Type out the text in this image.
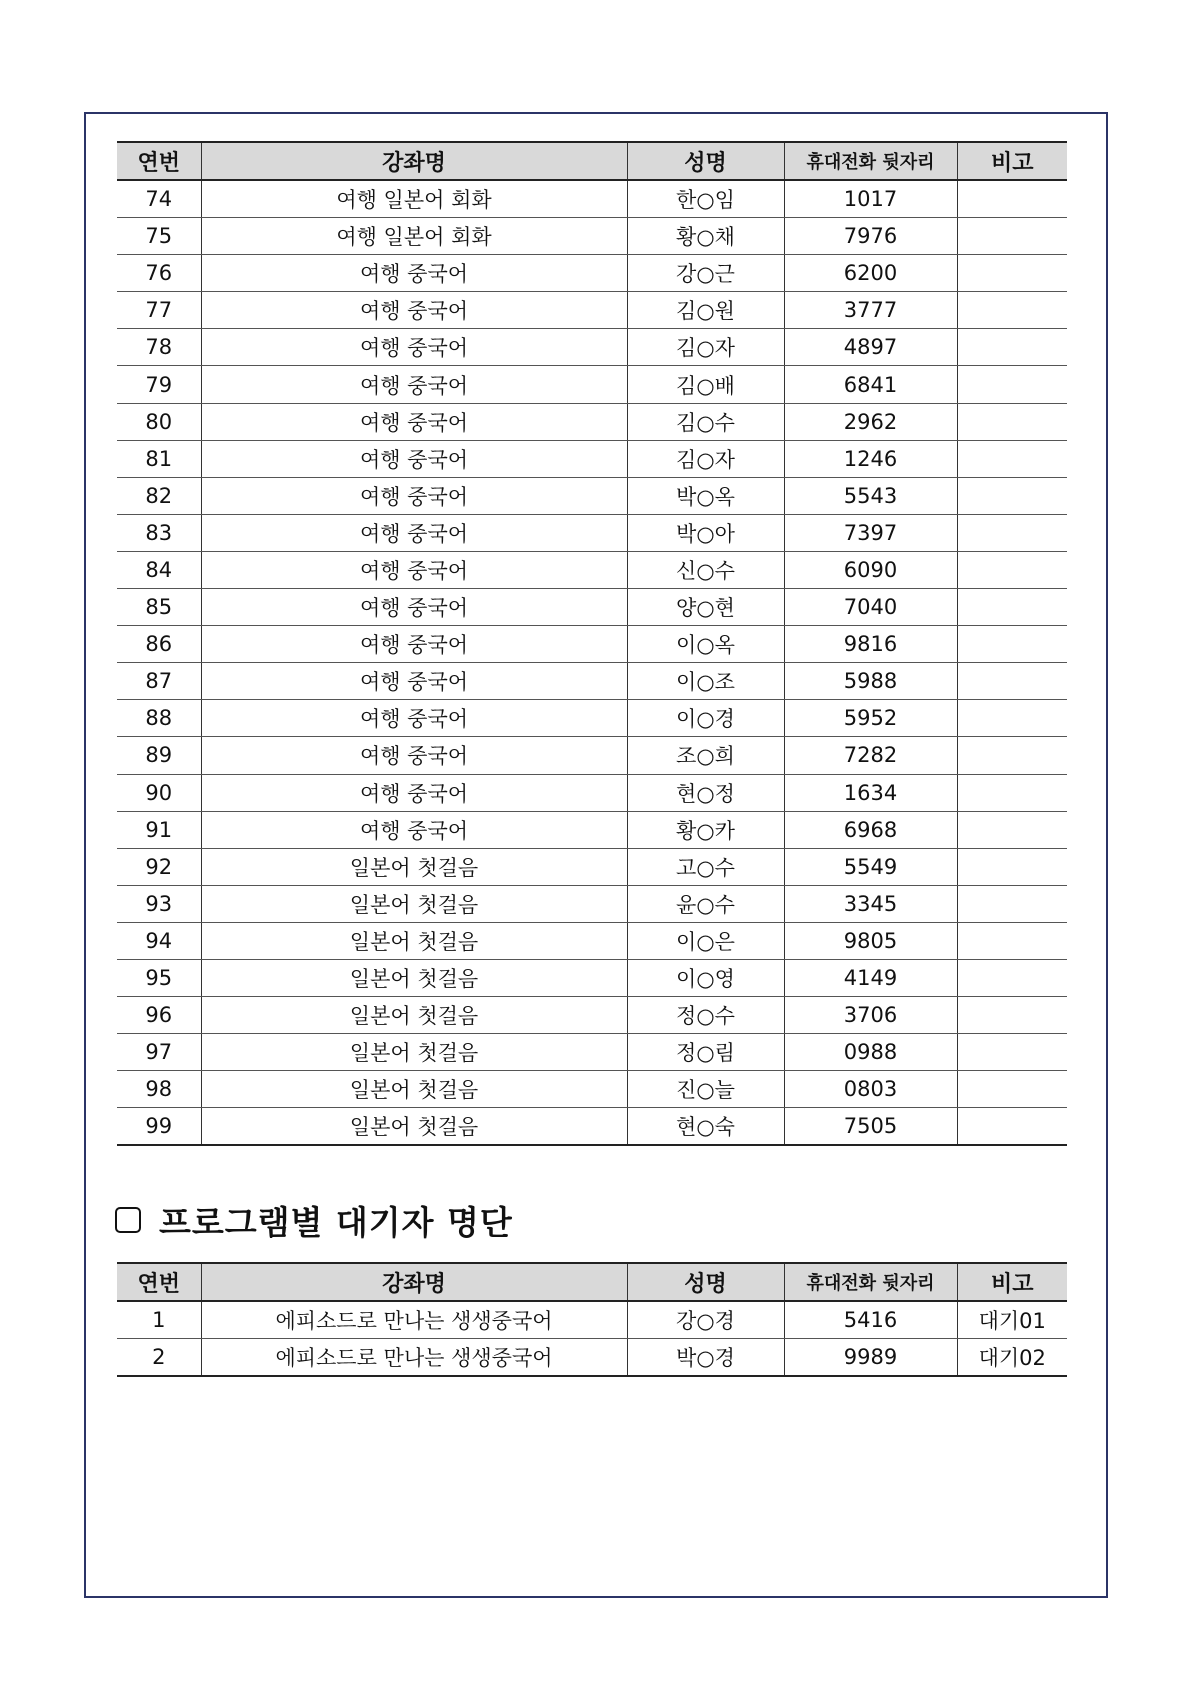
연번	강좌명	성명	휴대전화 뒷자리	비고
74	여행 일본어 회화	한○임	1017	
75	여행 일본어 회화	황○채	7976	
76	여행 중국어	강○근	6200	
77	여행 중국어	김○원	3777	
78	여행 중국어	김○자	4897	
79	여행 중국어	김○배	6841	
80	여행 중국어	김○수	2962	
81	여행 중국어	김○자	1246	
82	여행 중국어	박○옥	5543	
83	여행 중국어	박○아	7397	
84	여행 중국어	신○수	6090	
85	여행 중국어	양○현	7040	
86	여행 중국어	이○옥	9816	
87	여행 중국어	이○조	5988	
88	여행 중국어	이○경	5952	
89	여행 중국어	조○희	7282	
90	여행 중국어	현○정	1634	
91	여행 중국어	황○카	6968	
92	일본어 첫걸음	고○수	5549	
93	일본어 첫걸음	윤○수	3345	
94	일본어 첫걸음	이○은	9805	
95	일본어 첫걸음	이○영	4149	
96	일본어 첫걸음	정○수	3706	
97	일본어 첫걸음	정○림	0988	
98	일본어 첫걸음	진○늘	0803	
99	일본어 첫걸음	현○숙	7505	
프로그램별 대기자 명단
연번	강좌명	성명	휴대전화 뒷자리	비고
1	에피소드로 만나는 생생중국어	강○경	5416	대기01
2	에피소드로 만나는 생생중국어	박○경	9989	대기02
